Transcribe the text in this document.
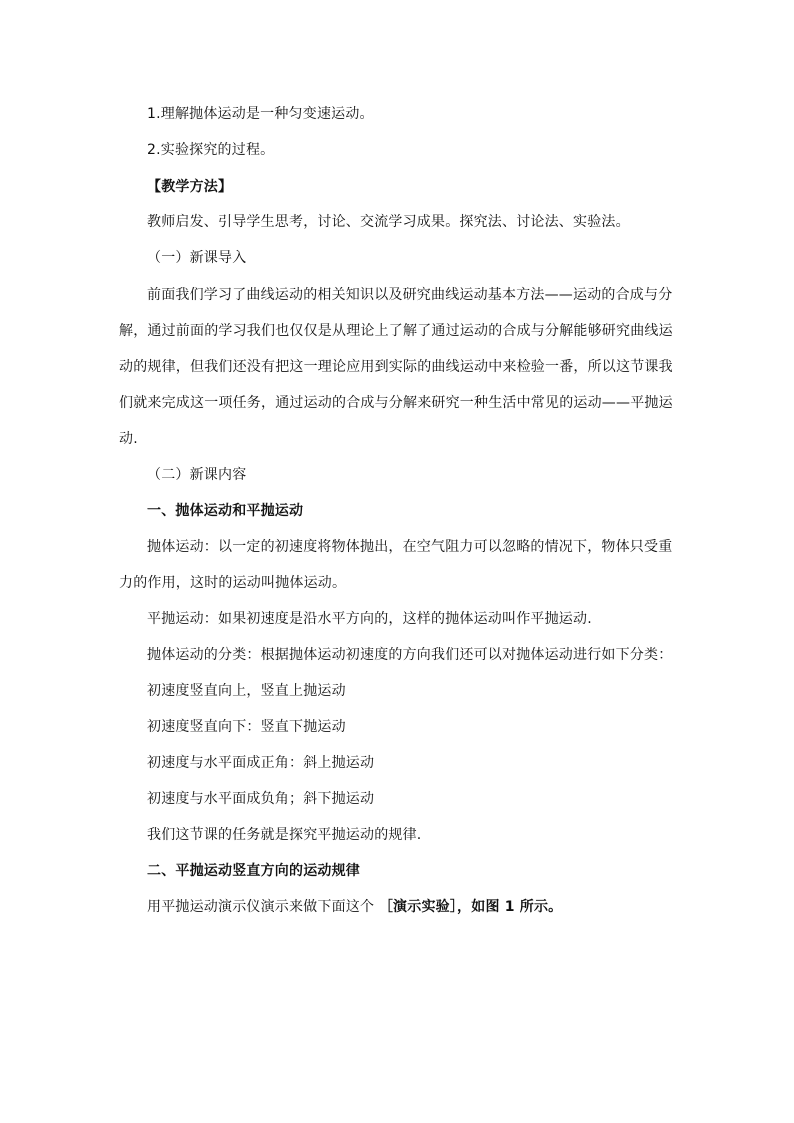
1.理解抛体运动是一种匀变速运动。
2.实验探究的过程。
【教学方法】
教师启发、引导学生思考，讨论、交流学习成果。探究法、讨论法、实验法。
（一）新课导入
前面我们学习了曲线运动的相关知识以及研究曲线运动基本方法——运动的合成与分
解，通过前面的学习我们也仅仅是从理论上了解了通过运动的合成与分解能够研究曲线运
动的规律，但我们还没有把这一理论应用到实际的曲线运动中来检验一番，所以这节课我
们就来完成这一项任务，通过运动的合成与分解来研究一种生活中常见的运动——平抛运
动.
（二）新课内容
一、抛体运动和平抛运动
抛体运动：以一定的初速度将物体抛出，在空气阻力可以忽略的情况下，物体只受重
力的作用，这时的运动叫抛体运动。
平抛运动：如果初速度是沿水平方向的，这样的抛体运动叫作平抛运动.
抛体运动的分类：根据抛体运动初速度的方向我们还可以对抛体运动进行如下分类：
初速度竖直向上，竖直上抛运动
初速度竖直向下：竖直下抛运动
初速度与水平面成正角：斜上抛运动
初速度与水平面成负角；斜下抛运动
我们这节课的任务就是探究平抛运动的规律.
二、平抛运动竖直方向的运动规律
用平抛运动演示仪演示来做下面这个 ［演示实验］，如图 1 所示。
